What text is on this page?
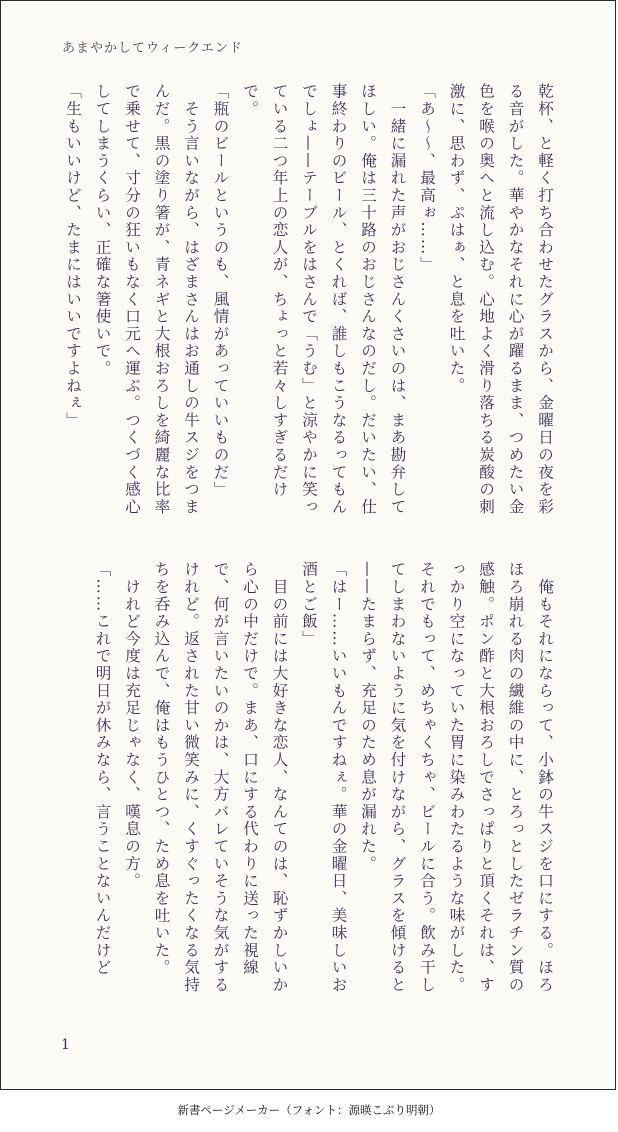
あまやかしてウィークエンド

乾杯、と軽く打ち合わせたグラスから、金曜日の夜を彩る音がした。華やかなそれに心が躍るまま、つめたい金色を喉の奥へと流し込む。心地よく滑り落ちる炭酸の刺激に、思わず、ぷはぁ、と息を吐いた。

「あ〜〜、最高ぉ……」

　一緒に漏れた声がおじさんくさいのは、まあ勘弁してほしい。俺は三十路のおじさんなのだし。だいたい、仕事終わりのビール、とくれば、誰しもこうなるってもんでしょ——テーブルをはさんで「うむ」と涼やかに笑っている二つ年上の恋人が、ちょっと若々しすぎるだけで。

「瓶のビールというのも、風情があっていいものだ」

　そう言いながら、はざまさんはお通しの牛スジをつまんだ。黒の塗り箸が、青ネギと大根おろしを綺麗な比率で乗せて、寸分の狂いもなく口元へ運ぶ。つくづく感心してしまうくらい、正確な箸使いで。

「生もいいけど、たまにはいいですよねぇ」

　俺もそれにならって、小鉢の牛スジを口にする。ほろほろ崩れる肉の繊維の中に、とろっとしたゼラチン質の感触。ポン酢と大根おろしでさっぱりと頂くそれは、すっかり空になっていた胃に染みわたるような味がした。それでもって、めちゃくちゃ、ビールに合う。飲み干してしまわないように気を付けながら、グラスを傾けると——たまらず、充足のため息が漏れた。

「はー……いいもんですねぇ。華の金曜日、美味しいお酒とご飯」

　目の前には大好きな恋人、なんてのは、恥ずかしいから心の中だけで。まあ、口にする代わりに送った視線で、何が言いたいのかは、大方バレていそうな気がするけれど。返された甘い微笑みに、くすぐったくなる気持ちを呑み込んで、俺はもうひとつ、ため息を吐いた。

　けれど今度は充足じゃなく、嘆息の方。

「……これで明日が休みなら、言うことないんだけど

1
新書ページメーカー（フォント：源暎こぶり明朝）
